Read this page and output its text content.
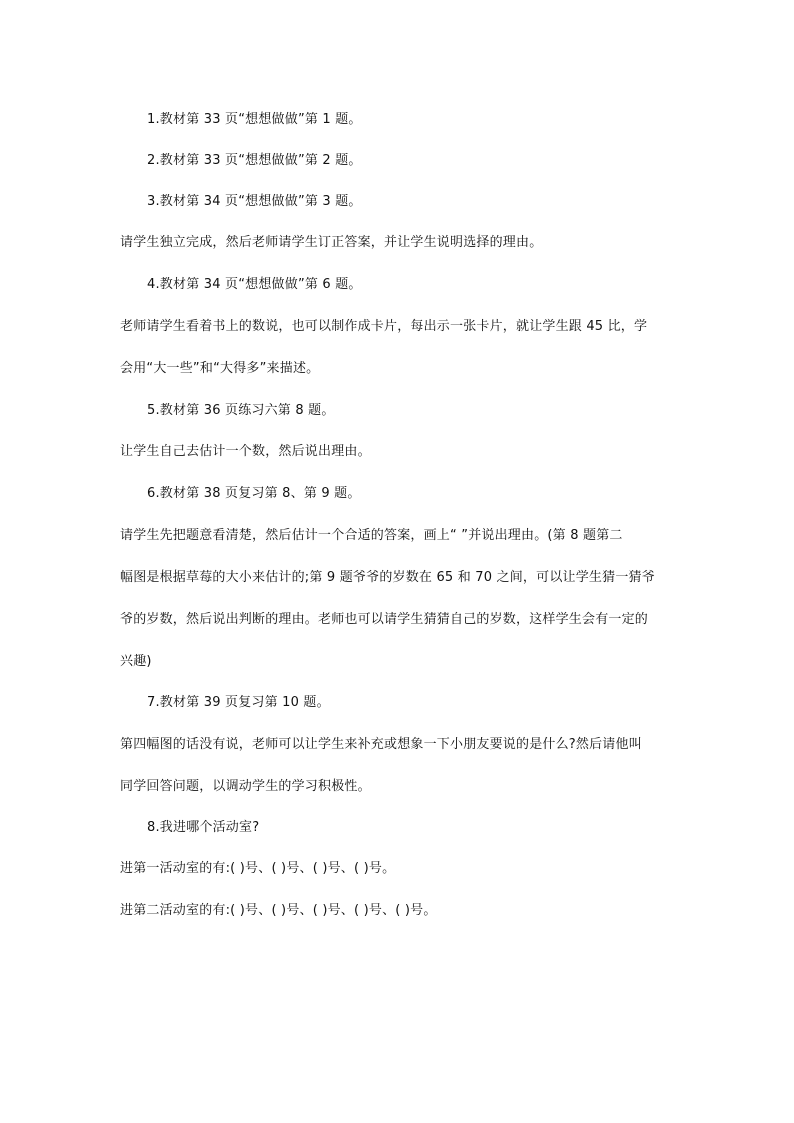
1.教材第 33 页“想想做做”第 1 题。
2.教材第 33 页“想想做做”第 2 题。
3.教材第 34 页“想想做做”第 3 题。
请学生独立完成，然后老师请学生订正答案，并让学生说明选择的理由。
4.教材第 34 页“想想做做”第 6 题。
老师请学生看着书上的数说，也可以制作成卡片，每出示一张卡片，就让学生跟 45 比，学
会用“大一些”和“大得多”来描述。
5.教材第 36 页练习六第 8 题。
让学生自己去估计一个数，然后说出理由。
6.教材第 38 页复习第 8、第 9 题。
请学生先把题意看清楚，然后估计一个合适的答案，画上“ ”并说出理由。(第 8 题第二
幅图是根据草莓的大小来估计的;第 9 题爷爷的岁数在 65 和 70 之间，可以让学生猜一猜爷
爷的岁数，然后说出判断的理由。老师也可以请学生猜猜自己的岁数，这样学生会有一定的
兴趣)
7.教材第 39 页复习第 10 题。
第四幅图的话没有说，老师可以让学生来补充或想象一下小朋友要说的是什么?然后请他叫
同学回答问题，以调动学生的学习积极性。
8.我进哪个活动室?
进第一活动室的有:( )号、( )号、( )号、( )号。
进第二活动室的有:( )号、( )号、( )号、( )号、( )号。
